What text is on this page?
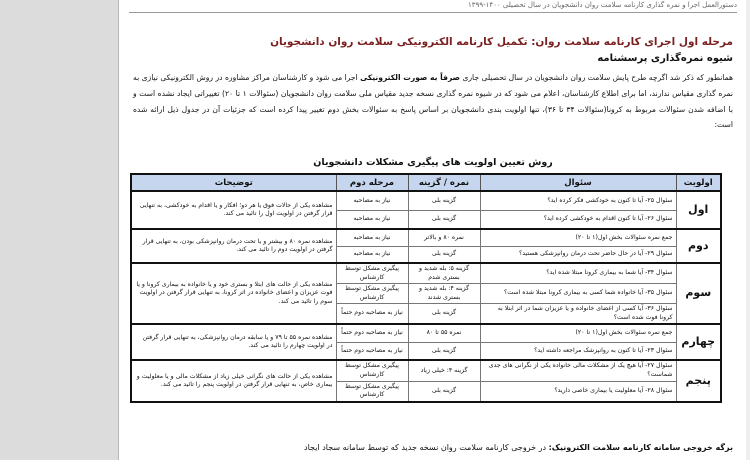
دستورالعمل اجرا و نمره گذاری کارنامه سلامت روان دانشجویان در سال تحصیلی ۱۴۰۰-۱۳۹۹
مرحله اول اجرای کارنامه سلامت روان: تکمیل کارنامه الکترونیکی سلامت روان دانشجویان
شیوه نمره‌گذاری پرسشنامه
همانطور که ذکر شد اگرچه طرح پایش سلامت روان دانشجویان در سال تحصیلی جاری صرفاً به صورت الکترونیکی اجرا می شود و کارشناسان مراکز مشاوره در روش الکترونیکی نیازی به نمره گذاری مقیاس ندارند، اما برای اطلاع کارشناسان، اعلام می شود که در شیوه نمره گذاری نسخه جدید مقیاس ملی سلامت روان دانشجویان (سئوالات ۱ تا ۲۰) تغییراتی ایجاد نشده است و با اضافه شدن سئوالات مربوط به کرونا(سئوالات ۳۴ تا ۳۶)، تنها اولویت بندی دانشجویان بر اساس پاسخ به سئوالات بخش دوم تغییر پیدا کرده است که جزئیات آن در جدول ذیل ارائه شده است:
روش تعیین اولویت های پیگیری مشکلات دانشجویان
اولویت	سئوال	نمره / گزینه	مرحله دوم	توضیحات
اول	سئوال ۲۵- آیا تا کنون به خودکشی فکر کرده اید؟	گزینه بلی	نیاز به مصاحبه	مشاهده یکی از حالات فوق یا هر دو؛ افکار و یا اقدام به خودکشی، به تنهایی قرار گرفتن در اولویت اول را تائید می کند.
	سئوال ۲۶- آیا تا کنون اقدام به خودکشی کرده اید؟	گزینه بلی	نیاز به مصاحبه	
دوم	جمع نمره سئوالات بخش اول(۱ تا ۲۰)	نمره ۸۰ و بالاتر	نیاز به مصاحبه	مشاهده نمره ۸۰ و بیشتر و یا تحت درمان روانپزشکی بودن، به تنهایی قرار گرفتن در اولویت دوم را تائید می کند.
	سئوال ۲۹- آیا در حال حاضر تحت درمان روانپزشکی هستید؟	گزینه بلی	نیاز به مصاحبه	
سوم	سئوال ۳۴- آیا شما به بیماری کرونا مبتلا شده اید؟	گزینه ۵: بله شدید و بستری شدم	پیگیری مشکل توسط کارشناس	مشاهده یکی از حالت های ابتلا و بستری خود و یا خانواده به بیماری کرونا و یا فوت عزیزان و اعضای خانواده در اثر کرونا، به تنهایی قرار گرفتن در اولویت سوم را تائید می کند.
	سئوال ۳۵- آیا خانواده شما کسی به بیماری کرونا مبتلا شده است؟	گزینه ۴: بله شدید و بستری شدند	پیگیری مشکل توسط کارشناس	
	سئوال ۳۶- آیا کسی از اعضای خانواده و یا عزیزان شما در اثر ابتلا به کرونا فوت شده است؟	گزینه بلی	نیاز به مصاحبه دوم حتماً	
چهارم	جمع نمره سئوالات بخش اول(۱ تا ۲۰)	نمره ۵۵ تا ۸۰	نیاز به مصاحبه دوم حتماً	مشاهده نمره ۵۵ تا ۷۹ و یا سابقه درمان روانپزشکی، به تنهایی قرار گرفتن در اولویت چهارم را تائید می کند.
	سئوال ۲۳- آیا تا کنون به روانپزشک مراجعه داشته اید؟	گزینه بلی	نیاز به مصاحبه دوم حتماً	
پنجم	سئوال ۲۷- آیا هیچ یک از مشکلات مالی خانواده یکی از نگرانی های جدی شماست؟	گزینه ۴: خیلی زیاد	پیگیری مشکل توسط کارشناس	مشاهده یکی از حالت های نگرانی خیلی زیاد از مشکلات مالی و یا معلولیت و بیماری خاص، به تنهایی قرار گرفتن در اولویت پنجم را تائید می کند.
	سئوال ۲۸- آیا معلولیت یا بیماری خاصی دارید؟	گزینه بلی	پیگیری مشکل توسط کارشناس	
برگه خروجی سامانه کارنامه سلامت الکترونیک: در خروجی کارنامه سلامت روان نسخه جدید که توسط سامانه سجاد ایجاد
